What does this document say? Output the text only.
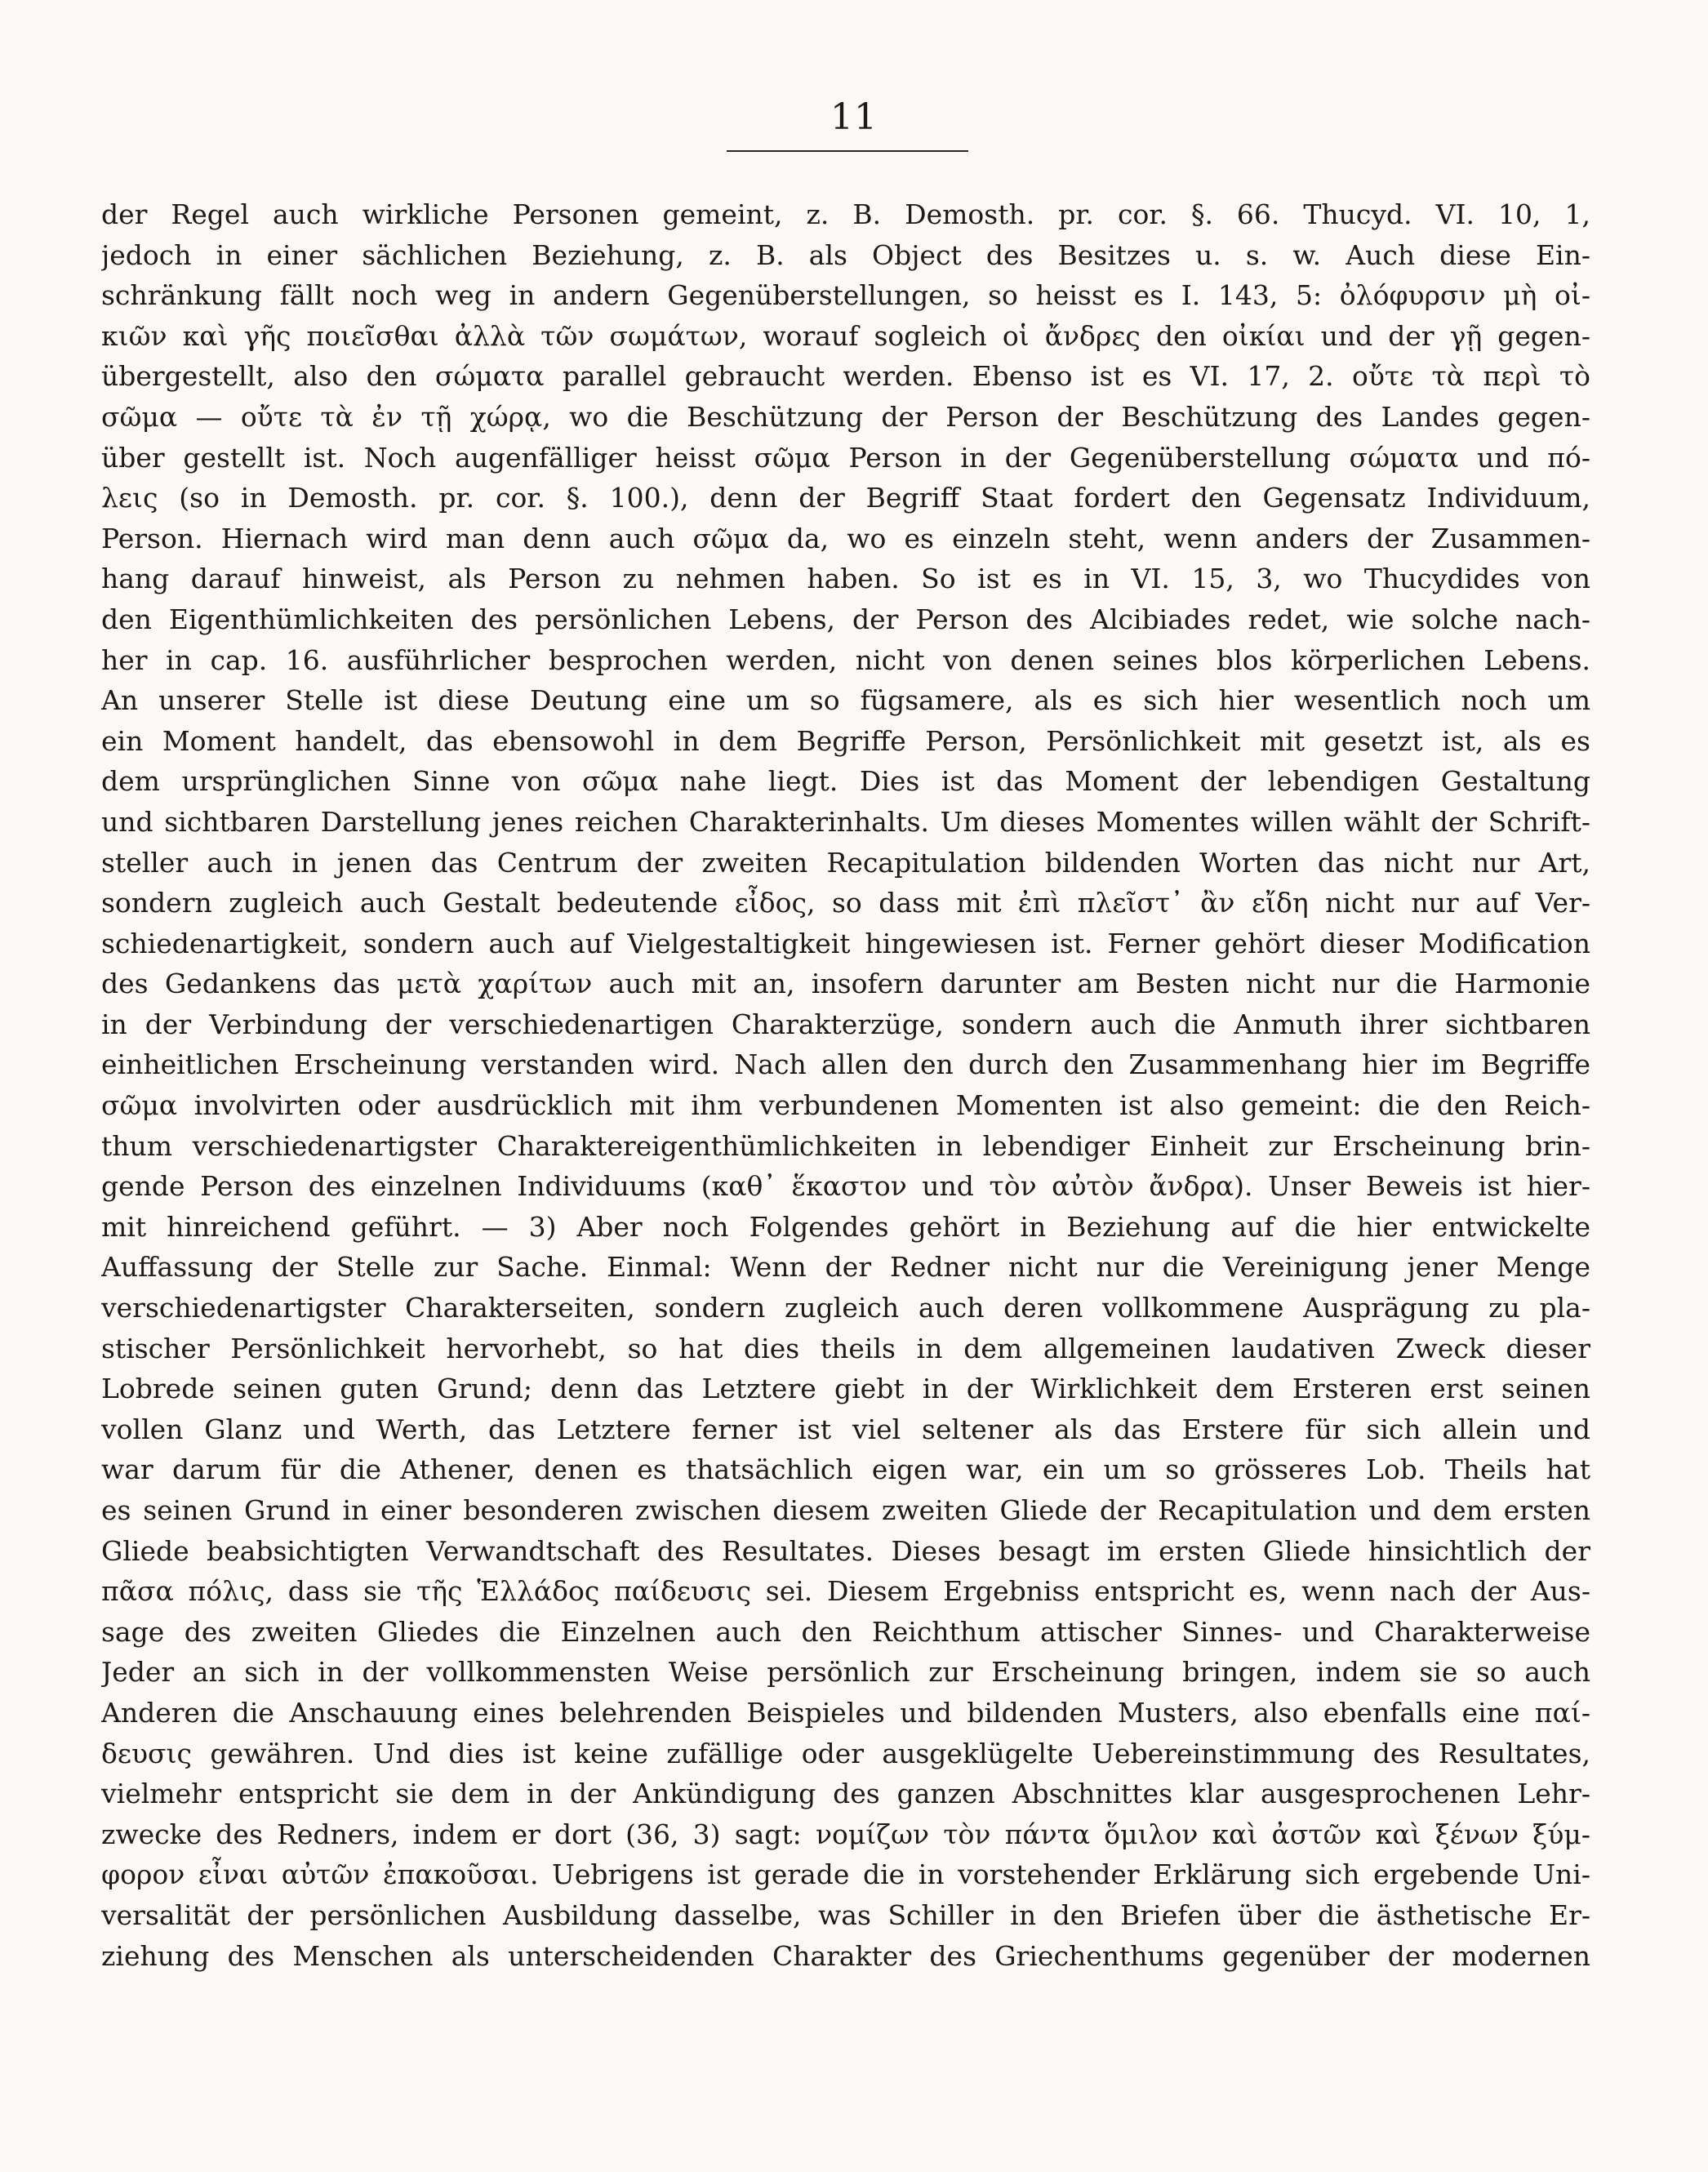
11
der Regel auch wirkliche Personen gemeint, z. B. Demosth. pr. cor. §. 66. Thucyd. VI. 10, 1,
jedoch in einer sächlichen Beziehung, z. B. als Object des Besitzes u. s. w. Auch diese Ein-
schränkung fällt noch weg in andern Gegenüberstellungen, so heisst es I. 143, 5: ὀλόφυρσιν μὴ οἰ-
κιῶν καὶ γῆς ποιεῖσθαι ἀλλὰ τῶν σωμάτων, worauf sogleich οἱ ἄνδρες den οἰκίαι und der γῇ gegen-
übergestellt, also den σώματα parallel gebraucht werden. Ebenso ist es VI. 17, 2. οὔτε τὰ περὶ τὸ
σῶμα — οὔτε τὰ ἐν τῇ χώρᾳ, wo die Beschützung der Person der Beschützung des Landes gegen-
über gestellt ist. Noch augenfälliger heisst σῶμα Person in der Gegenüberstellung σώματα und πό-
λεις (so in Demosth. pr. cor. §. 100.), denn der Begriff Staat fordert den Gegensatz Individuum,
Person. Hiernach wird man denn auch σῶμα da, wo es einzeln steht, wenn anders der Zusammen-
hang darauf hinweist, als Person zu nehmen haben. So ist es in VI. 15, 3, wo Thucydides von
den Eigenthümlichkeiten des persönlichen Lebens, der Person des Alcibiades redet, wie solche nach-
her in cap. 16. ausführlicher besprochen werden, nicht von denen seines blos körperlichen Lebens.
An unserer Stelle ist diese Deutung eine um so fügsamere, als es sich hier wesentlich noch um
ein Moment handelt, das ebensowohl in dem Begriffe Person, Persönlichkeit mit gesetzt ist, als es
dem ursprünglichen Sinne von σῶμα nahe liegt. Dies ist das Moment der lebendigen Gestaltung
und sichtbaren Darstellung jenes reichen Charakterinhalts. Um dieses Momentes willen wählt der Schrift-
steller auch in jenen das Centrum der zweiten Recapitulation bildenden Worten das nicht nur Art,
sondern zugleich auch Gestalt bedeutende εἶδος, so dass mit ἐπὶ πλεῖστ᾽ ἂν εἴδη nicht nur auf Ver-
schiedenartigkeit, sondern auch auf Vielgestaltigkeit hingewiesen ist. Ferner gehört dieser Modification
des Gedankens das μετὰ χαρίτων auch mit an, insofern darunter am Besten nicht nur die Harmonie
in der Verbindung der verschiedenartigen Charakterzüge, sondern auch die Anmuth ihrer sichtbaren
einheitlichen Erscheinung verstanden wird. Nach allen den durch den Zusammenhang hier im Begriffe
σῶμα involvirten oder ausdrücklich mit ihm verbundenen Momenten ist also gemeint: die den Reich-
thum verschiedenartigster Charaktereigenthümlichkeiten in lebendiger Einheit zur Erscheinung brin-
gende Person des einzelnen Individuums (καθ᾽ ἕκαστον und τὸν αὐτὸν ἄνδρα). Unser Beweis ist hier-
mit hinreichend geführt. — 3) Aber noch Folgendes gehört in Beziehung auf die hier entwickelte
Auffassung der Stelle zur Sache. Einmal: Wenn der Redner nicht nur die Vereinigung jener Menge
verschiedenartigster Charakterseiten, sondern zugleich auch deren vollkommene Ausprägung zu pla-
stischer Persönlichkeit hervorhebt, so hat dies theils in dem allgemeinen laudativen Zweck dieser
Lobrede seinen guten Grund; denn das Letztere giebt in der Wirklichkeit dem Ersteren erst seinen
vollen Glanz und Werth, das Letztere ferner ist viel seltener als das Erstere für sich allein und
war darum für die Athener, denen es thatsächlich eigen war, ein um so grösseres Lob. Theils hat
es seinen Grund in einer besonderen zwischen diesem zweiten Gliede der Recapitulation und dem ersten
Gliede beabsichtigten Verwandtschaft des Resultates. Dieses besagt im ersten Gliede hinsichtlich der
πᾶσα πόλις, dass sie τῆς Ἑλλάδος παίδευσις sei. Diesem Ergebniss entspricht es, wenn nach der Aus-
sage des zweiten Gliedes die Einzelnen auch den Reichthum attischer Sinnes- und Charakterweise
Jeder an sich in der vollkommensten Weise persönlich zur Erscheinung bringen, indem sie so auch
Anderen die Anschauung eines belehrenden Beispieles und bildenden Musters, also ebenfalls eine παί-
δευσις gewähren. Und dies ist keine zufällige oder ausgeklügelte Uebereinstimmung des Resultates,
vielmehr entspricht sie dem in der Ankündigung des ganzen Abschnittes klar ausgesprochenen Lehr-
zwecke des Redners, indem er dort (36, 3) sagt: νομίζων τὸν πάντα ὅμιλον καὶ ἀστῶν καὶ ξένων ξύμ-
φορον εἶναι αὐτῶν ἐπακοῦσαι. Uebrigens ist gerade die in vorstehender Erklärung sich ergebende Uni-
versalität der persönlichen Ausbildung dasselbe, was Schiller in den Briefen über die ästhetische Er-
ziehung des Menschen als unterscheidenden Charakter des Griechenthums gegenüber der modernen
